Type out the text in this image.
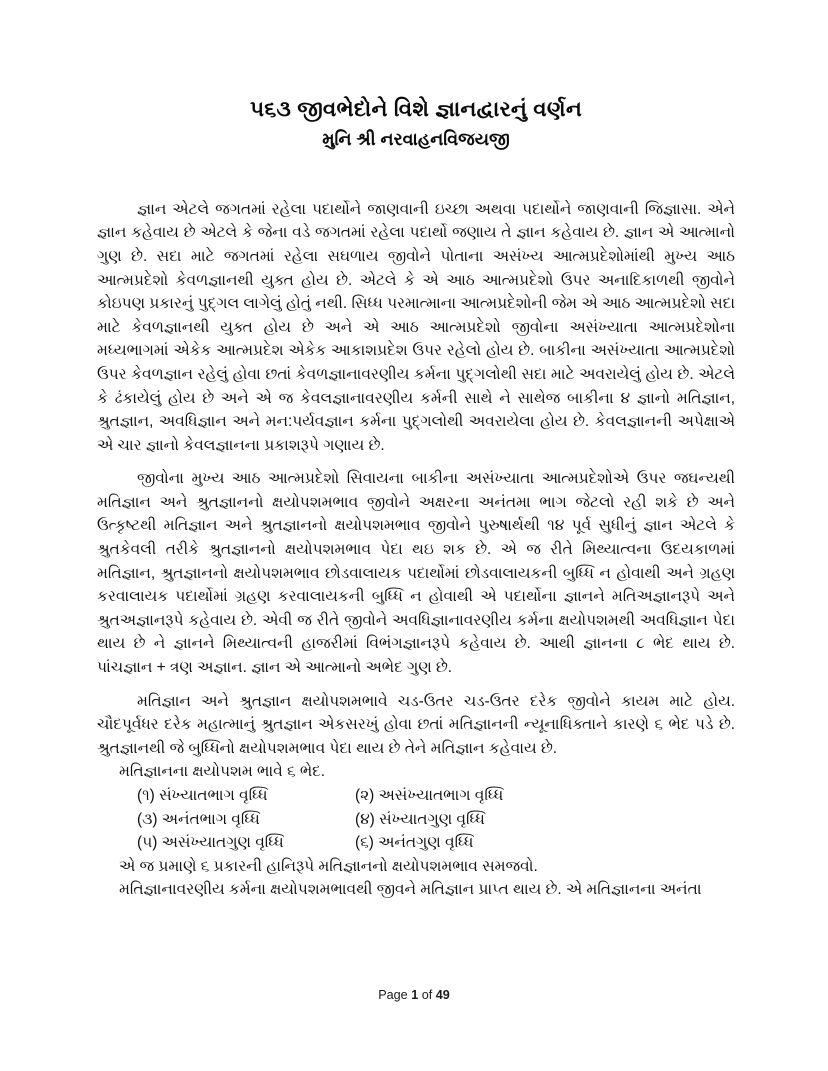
૫૬૩ જીવભેદોને વિશે જ્ઞાનદ્વારનું વર્ણન
મુનિ શ્રી નરવાહનવિજયજી

જ્ઞાન એટલે જગતમાં રહેલા પદાર્થોને જાણવાની ઇચ્છા અથવા પદાર્થોને જાણવાની જિજ્ઞાસા. એને જ્ઞાન કહેવાય છે એટલે કે જેના વડે જગતમાં રહેલા પદાર્થો જણાય તે જ્ઞાન કહેવાય છે. જ્ઞાન એ આત્માનો ગુણ છે. સદા માટે જગતમાં રહેલા સઘળાય જીવોને પોતાના અસંખ્ય આત્મપ્રદેશોમાંથી મુખ્ય આઠ આત્મપ્રદેશો કેવળજ્ઞાનથી યુક્ત હોય છે. એટલે કે એ આઠ આત્મપ્રદેશો ઉપર અનાદિકાળથી જીવોને કોઇપણ પ્રકારનું પુદ્ગલ લાગેલું હોતું નથી. સિધ્ધ પરમાત્માના આત્મપ્રદેશોની જેમ એ આઠ આત્મપ્રદેશો સદા માટે કેવળજ્ઞાનથી યુક્ત હોય છે અને એ આઠ આત્મપ્રદેશો જીવોના અસંખ્યાતા આત્મપ્રદેશોના મધ્યભાગમાં એકેક આત્મપ્રદેશ એકેક આકાશપ્રદેશ ઉપર રહેલો હોય છે. બાકીના અસંખ્યાતા આત્મપ્રદેશો ઉપર કેવળજ્ઞાન રહેલું હોવા છતાં કેવળજ્ઞાનાવરણીય કર્મના પુદ્ગલોથી સદા માટે અવરાયેલું હોય છે. એટલે કે ઢંકાયેલું હોય છે અને એ જ કેવલજ્ઞાનાવરણીય કર્મની સાથે ને સાથેજ બાકીના ૪ જ્ઞાનો મતિજ્ઞાન, શ્રુતજ્ઞાન, અવધિજ્ઞાન અને મન:પર્યવજ્ઞાન કર્મના પુદ્ગલોથી અવરાયેલા હોય છે. કેવલજ્ઞાનની અપેક્ષાએ એ ચાર જ્ઞાનો કેવલજ્ઞાનના પ્રકાશરૂપે ગણાય છે.

જીવોના મુખ્ય આઠ આત્મપ્રદેશો સિવાયના બાકીના અસંખ્યાતા આત્મપ્રદેશોએ ઉપર જઘન્યથી મતિજ્ઞાન અને શ્રુતજ્ઞાનનો ક્ષયોપશમભાવ જીવોને અક્ષરના અનંતમા ભાગ જેટલો રહી શકે છે અને ઉત્કૃષ્ટથી મતિજ્ઞાન અને શ્રુતજ્ઞાનનો ક્ષયોપશમભાવ જીવોને પુરુષાર્થથી ૧૪ પૂર્વ સુધીનું જ્ઞાન એટલે કે શ્રુતકેવલી તરીકે શ્રુતજ્ઞાનનો ક્ષયોપશમભાવ પેદા થઇ શક છે. એ જ રીતે મિથ્યાત્વના ઉદયકાળમાં મતિજ્ઞાન, શ્રુતજ્ઞાનનો ક્ષયોપશમભાવ છોડવાલાયક પદાર્થોમાં છોડવાલાયકની બુધ્ધિ ન હોવાથી અને ગ્રહણ કરવાલાયક પદાર્થોમાં ગ્રહણ કરવાલાયકની બુધ્ધિ ન હોવાથી એ પદાર્થોના જ્ઞાનને મતિઅજ્ઞાનરૂપે અને શ્રુતઅજ્ઞાનરૂપે કહેવાય છે. એવી જ રીતે જીવોને અવધિજ્ઞાનાવરણીય કર્મના ક્ષયોપશમથી અવધિજ્ઞાન પેદા થાય છે ને જ્ઞાનને મિથ્યાત્વની હાજરીમાં વિભંગજ્ઞાનરૂપે કહેવાય છે. આથી જ્ઞાનના ૮ ભેદ થાય છે. પાંચજ્ઞાન + ત્રણ અજ્ઞાન. જ્ઞાન એ આત્માનો અભેદ ગુણ છે.

મતિજ્ઞાન અને શ્રુતજ્ઞાન ક્ષયોપશમભાવે ચડ-ઉતર ચડ-ઉતર દરેક જીવોને કાયમ માટે હોય. ચૌદપૂર્વધર દરેક મહાત્માનું શ્રુતજ્ઞાન એકસરખું હોવા છતાં મતિજ્ઞાનની ન્યૂનાધિક્તાને કારણે ૬ ભેદ પડે છે. શ્રુતજ્ઞાનથી જે બુધ્ધિનો ક્ષયોપશમભાવ પેદા થાય છે તેને મતિજ્ઞાન કહેવાય છે.

મતિજ્ઞાનના ક્ષયોપશમ ભાવે ૬ ભેદ.

(૧) સંખ્યાતભાગ વૃધ્ધિ	(૨) અસંખ્યાતભાગ વૃધ્ધિ
(૩) અનંતભાગ વૃધ્ધિ	(૪) સંખ્યાતગુણ વૃધ્ધિ
(૫) અસંખ્યાતગુણ વૃધ્ધિ	(૬) અનંતગુણ વૃધ્ધિ

એ જ પ્રમાણે ૬ પ્રકારની હાનિરૂપે મતિજ્ઞાનનો ક્ષયોપશમભાવ સમજવો.

મતિજ્ઞાનાવરણીય કર્મના ક્ષયોપશમભાવથી જીવને મતિજ્ઞાન પ્રાપ્ત થાય છે. એ મતિજ્ઞાનના અનંતા

Page 1 of 49
